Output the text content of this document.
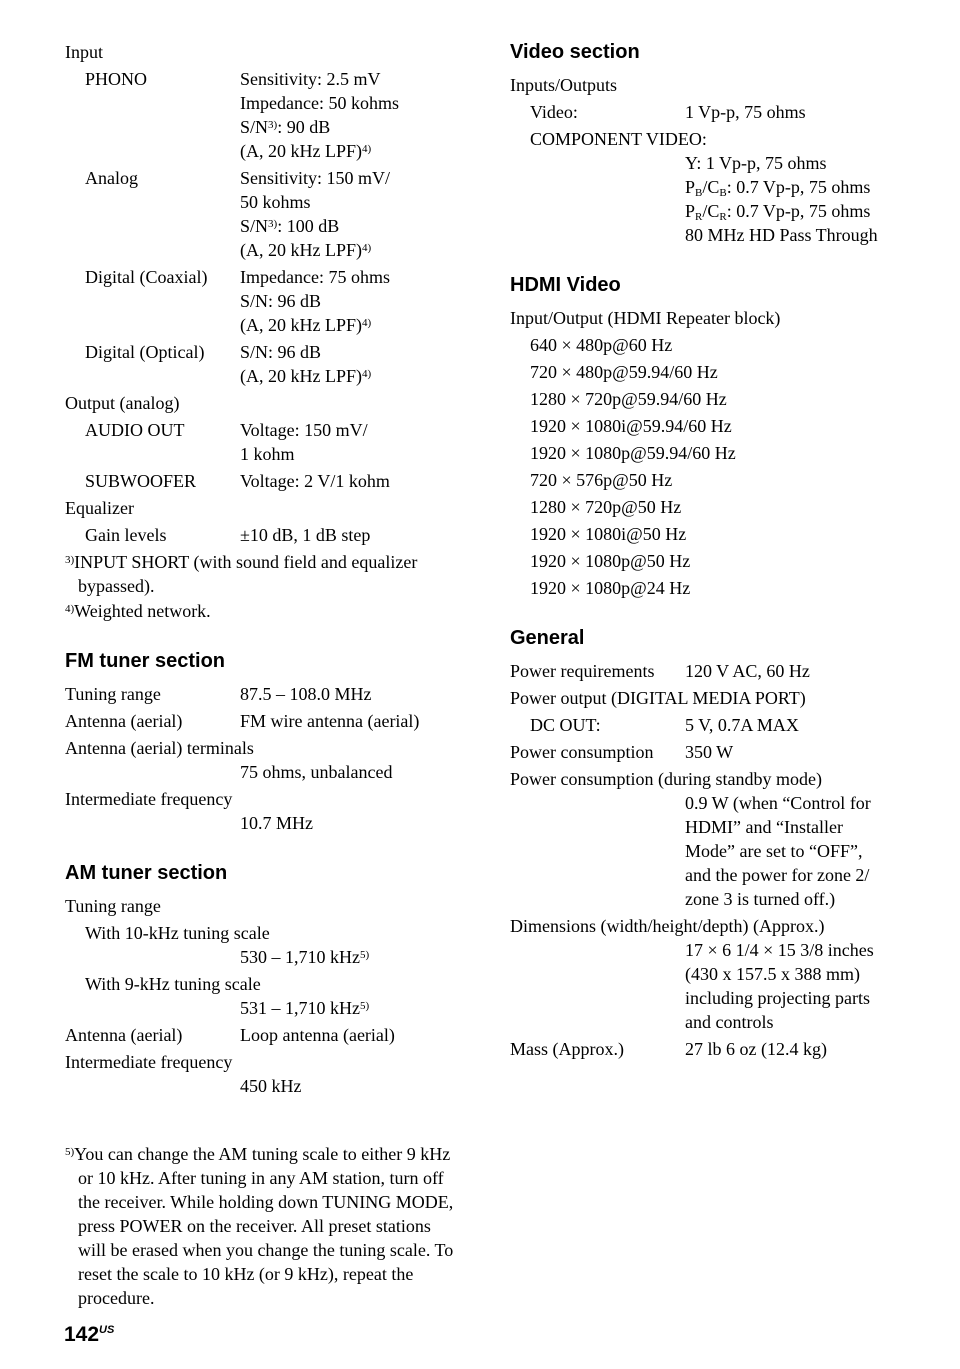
Input
PHONO	Sensitivity: 2.5 mV
Impedance: 50 kohms
$S/N^{3)}$: 90 dB
(A, 20 kHz LPF)$^{4)}$
Analog	Sensitivity: 150 mV/
50 kohms
$S/N^{3)}$: 100 dB
(A, 20 kHz LPF)$^{4)}$
Digital (Coaxial)	Impedance: 75 ohms
S/N: 96 dB
(A, 20 kHz LPF)$^{4)}$
Digital (Optical)	S/N: 96 dB
(A, 20 kHz LPF)$^{4)}$
Output (analog)
AUDIO OUT	Voltage: 150 mV/
1 kohm
SUBWOOFER	Voltage: 2 V/1 kohm
Equalizer
Gain levels	±10 dB, 1 dB step
$^{3)}$INPUT SHORT (with sound field and equalizer bypassed).
$^{4)}$Weighted network.
FM tuner section
Tuning range	87.5 – 108.0 MHz
Antenna (aerial)	FM wire antenna (aerial)
Antenna (aerial) terminals
75 ohms, unbalanced
Intermediate frequency
10.7 MHz
AM tuner section
Tuning range
With 10-kHz tuning scale
530 – 1,710 kHz$^{5)}$
With 9-kHz tuning scale
531 – 1,710 kHz$^{5)}$
Antenna (aerial)	Loop antenna (aerial)
Intermediate frequency
450 kHz
$^{5)}$You can change the AM tuning scale to either 9 kHz or 10 kHz. After tuning in any AM station, turn off the receiver. While holding down TUNING MODE, press POWER on the receiver. All preset stations will be erased when you change the tuning scale. To reset the scale to 10 kHz (or 9 kHz), repeat the procedure.
Video section
Inputs/Outputs
Video:	1 Vp-p, 75 ohms
COMPONENT VIDEO:
Y: 1 Vp-p, 75 ohms
$P_B/C_B$: 0.7 Vp-p, 75 ohms
$P_R/C_R$: 0.7 Vp-p, 75 ohms
80 MHz HD Pass Through
HDMI Video
Input/Output (HDMI Repeater block)
640 × 480p@60 Hz
720 × 480p@59.94/60 Hz
1280 × 720p@59.94/60 Hz
1920 × 1080i@59.94/60 Hz
1920 × 1080p@59.94/60 Hz
720 × 576p@50 Hz
1280 × 720p@50 Hz
1920 × 1080i@50 Hz
1920 × 1080p@50 Hz
1920 × 1080p@24 Hz
General
Power requirements	120 V AC, 60 Hz
Power output (DIGITAL MEDIA PORT)
DC OUT:	5 V, 0.7A MAX
Power consumption	350 W
Power consumption (during standby mode)
0.9 W (when “Control for
HDMI” and “Installer
Mode” are set to “OFF”,
and the power for zone 2/
zone 3 is turned off.)
Dimensions (width/height/depth) (Approx.)
17 × 6 1/4 × 15 3/8 inches
(430 x 157.5 x 388 mm)
including projecting parts
and controls
Mass (Approx.)	27 lb 6 oz (12.4 kg)
$142^{US}$
